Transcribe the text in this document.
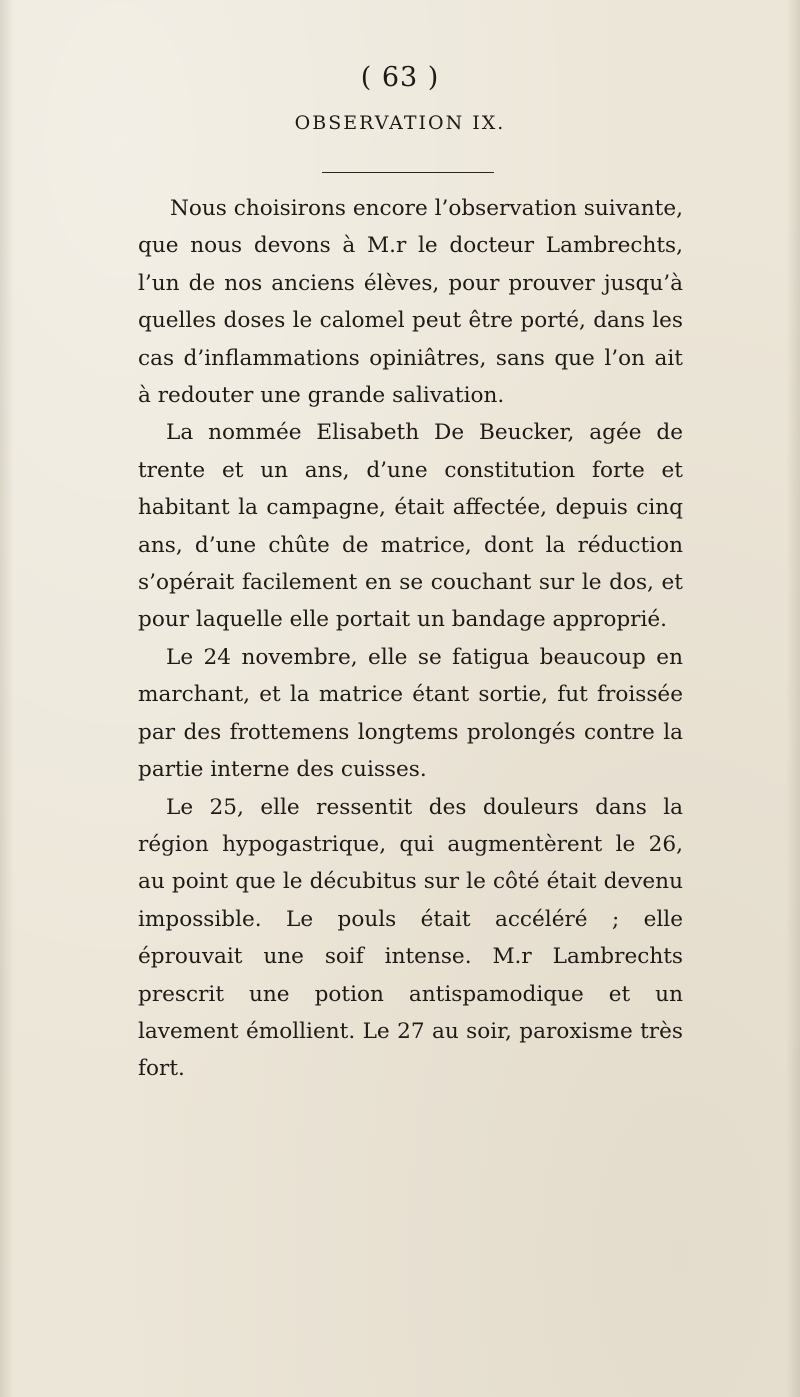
( 63 )
OBSERVATION IX.

Nous choisirons encore l’observation suivante, que nous devons à M.r le docteur Lambrechts, l’un de nos anciens élèves, pour prouver jusqu’à quelles doses le calomel peut être porté, dans les cas d’inflammations opiniâtres, sans que l’on ait à redouter une grande salivation.

La nommée Elisabeth De Beucker, agée de trente et un ans, d’une constitution forte et habitant la campagne, était affectée, depuis cinq ans, d’une chûte de matrice, dont la réduction s’opérait facilement en se couchant sur le dos, et pour laquelle elle portait un bandage approprié.

Le 24 novembre, elle se fatigua beaucoup en marchant, et la matrice étant sortie, fut froissée par des frottemens longtems prolongés contre la partie interne des cuisses.

Le 25, elle ressentit des douleurs dans la région hypogastrique, qui augmentèrent le 26, au point que le décubitus sur le côté était devenu impossible. Le pouls était accéléré ; elle éprouvait une soif intense. M.r Lambrechts prescrit une potion antispamodique et un lavement émollient. Le 27 au soir, paroxisme très fort.
